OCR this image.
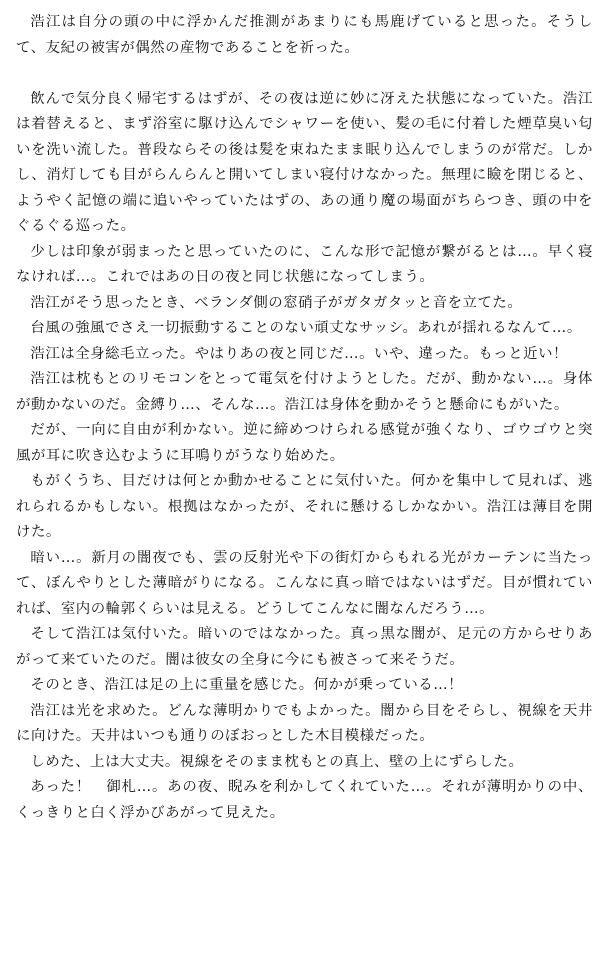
浩江は自分の頭の中に浮かんだ推測があまりにも馬鹿げていると思った。そうして、友紀の被害が偶然の産物であることを祈った。

飲んで気分良く帰宅するはずが、その夜は逆に妙に冴えた状態になっていた。浩江は着替えると、まず浴室に駆け込んでシャワーを使い、髪の毛に付着した煙草臭い匂いを洗い流した。普段ならその後は髪を束ねたまま眠り込んでしまうのが常だ。しかし、消灯しても目がらんらんと開いてしまい寝付けなかった。無理に瞼を閉じると、ようやく記憶の端に追いやっていたはずの、あの通り魔の場面がちらつき、頭の中をぐるぐる巡った。

少しは印象が弱まったと思っていたのに、こんな形で記憶が繋がるとは…。早く寝なければ…。これではあの日の夜と同じ状態になってしまう。

浩江がそう思ったとき、ベランダ側の窓硝子がガタガタッと音を立てた。

台風の強風でさえ一切振動することのない頑丈なサッシ。あれが揺れるなんて…。

浩江は全身総毛立った。やはりあの夜と同じだ…。いや、違った。もっと近い！

浩江は枕もとのリモコンをとって電気を付けようとした。だが、動かない…。身体が動かないのだ。金縛り…、そんな…。浩江は身体を動かそうと懸命にもがいた。

だが、一向に自由が利かない。逆に締めつけられる感覚が強くなり、ゴウゴウと突風が耳に吹き込むように耳鳴りがうなり始めた。

もがくうち、目だけは何とか動かせることに気付いた。何かを集中して見れば、逃れられるかもしない。根拠はなかったが、それに懸けるしかなかい。浩江は薄目を開けた。

暗い…。新月の闇夜でも、雲の反射光や下の街灯からもれる光がカーテンに当たって、ぼんやりとした薄暗がりになる。こんなに真っ暗ではないはずだ。目が慣れていれば、室内の輪郭くらいは見える。どうしてこんなに闇なんだろう…。

そして浩江は気付いた。暗いのではなかった。真っ黒な闇が、足元の方からせりあがって来ていたのだ。闇は彼女の全身に今にも被さって来そうだ。

そのとき、浩江は足の上に重量を感じた。何かが乗っている…！

浩江は光を求めた。どんな薄明かりでもよかった。闇から目をそらし、視線を天井に向けた。天井はいつも通りのぼおっとした木目模様だった。

しめた、上は大丈夫。視線をそのまま枕もとの真上、壁の上にずらした。

あった！　御札…。あの夜、睨みを利かしてくれていた…。それが薄明かりの中、くっきりと白く浮かびあがって見えた。
